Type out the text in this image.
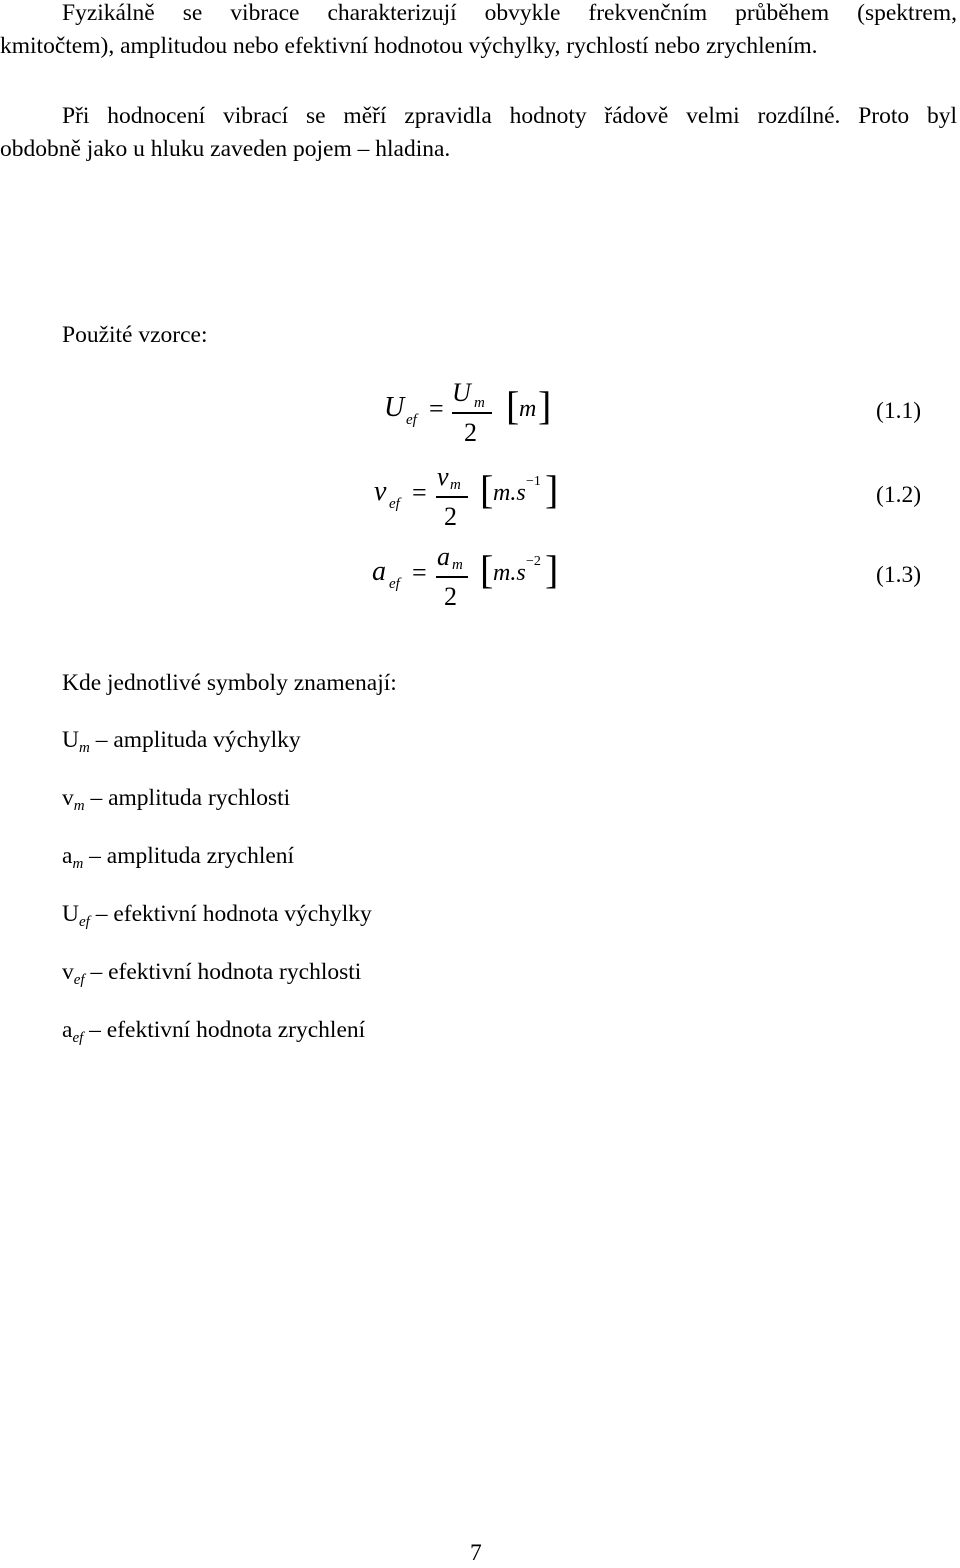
Fyzikálně se vibrace charakterizují obvykle frekvenčním průběhem (spektrem,
kmitočtem), amplitudou nebo efektivní hodnotou výchylky, rychlostí nebo zrychlením.
Při hodnocení vibrací se měří zpravidla hodnoty řádově velmi rozdílné. Proto byl
obdobně jako u hluku zaveden pojem – hladina.
Použité vzorce:
U ef =
U m
2
[ m ]	(1.1)
v ef =
v m
2
[ m.s −1 ]	(1.2)
a ef =
a m
2
[ m.s −2 ]	(1.3)
Kde jednotlivé symboly znamenají:
$U_m$ – amplituda výchylky
$v_m$ – amplituda rychlosti
$a_m$ – amplituda zrychlení
$U_{ef}$ – efektivní hodnota výchylky
$v_{ef}$ – efektivní hodnota rychlosti
$a_{ef}$ – efektivní hodnota zrychlení
7
